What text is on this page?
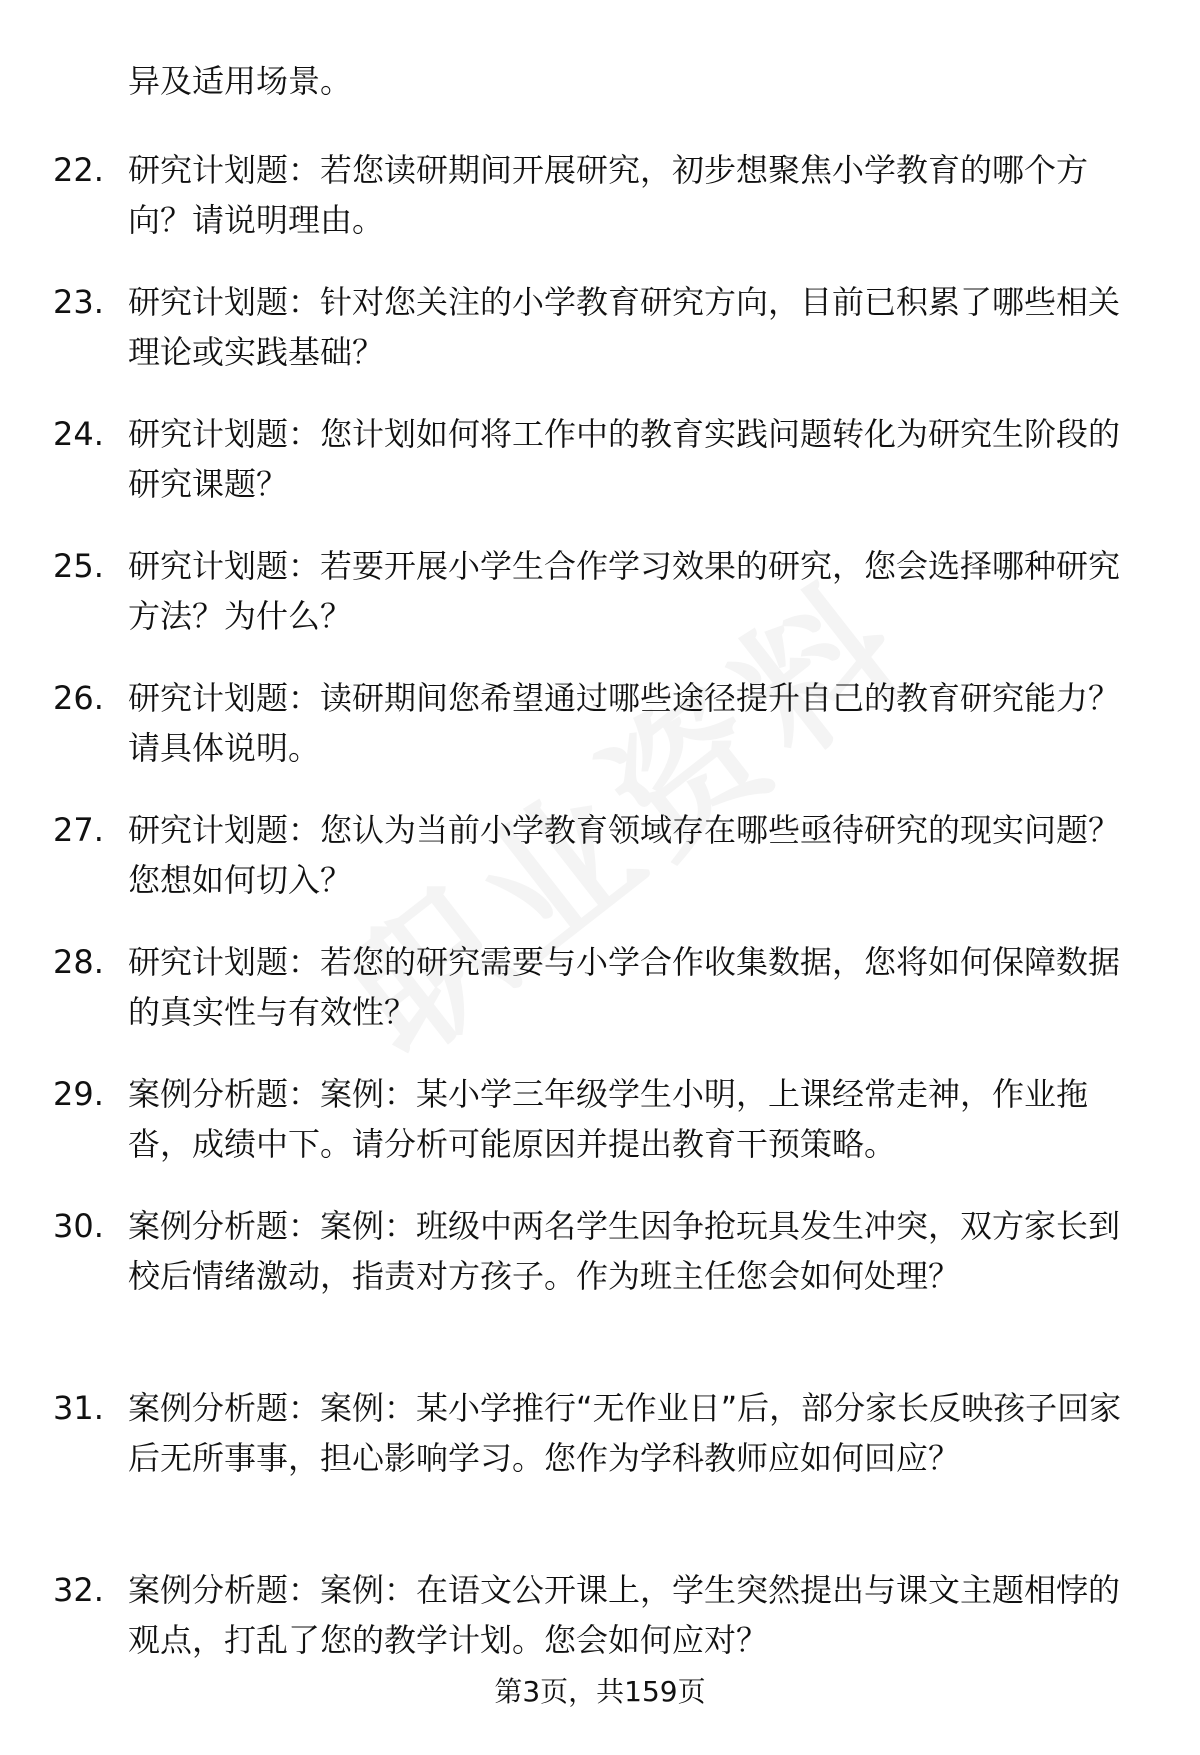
异及适用场景。
22. 研究计划题：若您读研期间开展研究，初步想聚焦小学教育的哪个方向？请说明理由。
23. 研究计划题：针对您关注的小学教育研究方向，目前已积累了哪些相关理论或实践基础？
24. 研究计划题：您计划如何将工作中的教育实践问题转化为研究生阶段的研究课题？
25. 研究计划题：若要开展小学生合作学习效果的研究，您会选择哪种研究方法？为什么？
26. 研究计划题：读研期间您希望通过哪些途径提升自己的教育研究能力？请具体说明。
27. 研究计划题：您认为当前小学教育领域存在哪些亟待研究的现实问题？您想如何切入？
28. 研究计划题：若您的研究需要与小学合作收集数据，您将如何保障数据的真实性与有效性？
29. 案例分析题：案例：某小学三年级学生小明，上课经常走神，作业拖沓，成绩中下。请分析可能原因并提出教育干预策略。
30. 案例分析题：案例：班级中两名学生因争抢玩具发生冲突，双方家长到校后情绪激动，指责对方孩子。作为班主任您会如何处理？
31. 案例分析题：案例：某小学推行“无作业日”后，部分家长反映孩子回家后无所事事，担心影响学习。您作为学科教师应如何回应？
32. 案例分析题：案例：在语文公开课上，学生突然提出与课文主题相悖的观点，打乱了您的教学计划。您会如何应对？
第3页，共159页
